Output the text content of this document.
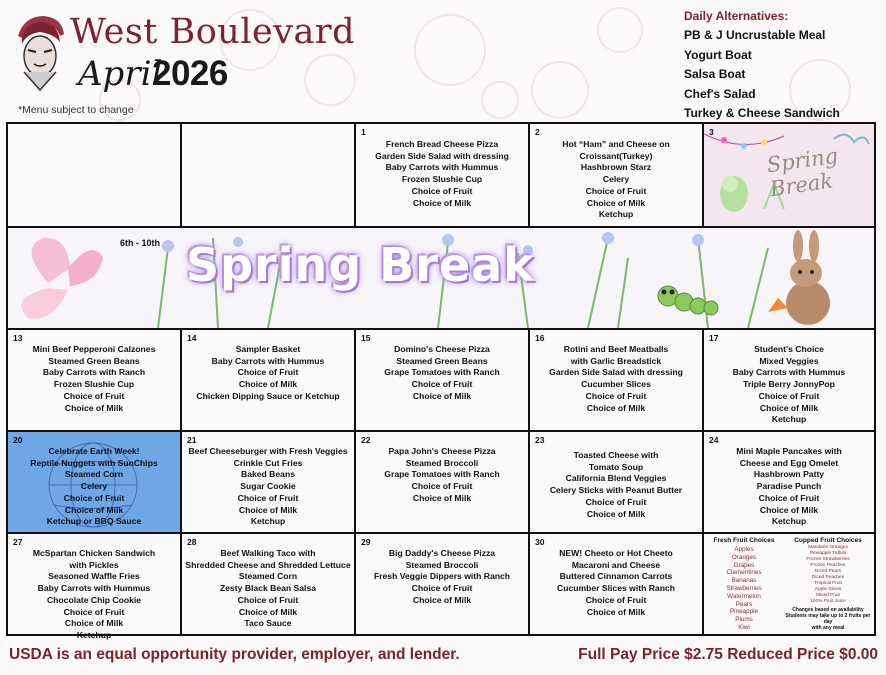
West Boulevard
April
2026
*Menu subject to change
Daily Alternatives:
PB & J Uncrustable Meal
Yogurt Boat
Salsa Boat
Chef's Salad
Turkey & Cheese Sandwich
1
French Bread Cheese Pizza
Garden Side Salad with dressing
Baby Carrots with Hummus
Frozen Slushie Cup
Choice of Fruit
Choice of Milk
2
Hot “Ham” and Cheese on
Croissant(Turkey)
Hashbrown Starz
Celery
Choice of Fruit
Choice of Milk
Ketchup
3
Spring Break
6th - 10th Spring Break
13
Mini Beef Pepperoni Calzones
Steamed Green Beans
Baby Carrots with Ranch
Frozen Slushie Cup
Choice of Fruit
Choice of Milk
14
Sampler Basket
Baby Carrots with Hummus
Choice of Fruit
Choice of Milk
Chicken Dipping Sauce or Ketchup
15
Domino's Cheese Pizza
Steamed Green Beans
Grape Tomatoes with Ranch
Choice of Fruit
Choice of Milk
16
Rotini and Beef Meatballs
with Garlic Breadstick
Garden Side Salad with dressing
Cucumber Slices
Choice of Fruit
Choice of Milk
17
Student's Choice
Mixed Veggies
Baby Carrots with Hummus
Triple Berry JonnyPop
Choice of Fruit
Choice of Milk
Ketchup
20
Celebrate Earth Week!
Reptile Nuggets with SunChips
Steamed Corn
Celery
Choice of Fruit
Choice of Milk
Ketchup or BBQ Sauce
21
Beef Cheeseburger with Fresh Veggies
Crinkle Cut Fries
Baked Beans
Sugar Cookie
Choice of Fruit
Choice of Milk
Ketchup
22
Papa John's Cheese Pizza
Steamed Broccoli
Grape Tomatoes with Ranch
Choice of Fruit
Choice of Milk
23
Toasted Cheese with
Tomato Soup
California Blend Veggies
Celery Sticks with Peanut Butter
Choice of Fruit
Choice of Milk
24
Mini Maple Pancakes with
Cheese and Egg Omelet
Hashbrown Patty
Paradise Punch
Choice of Fruit
Choice of Milk
Ketchup
27
McSpartan Chicken Sandwich
with Pickles
Seasoned Waffle Fries
Baby Carrots with Hummus
Chocolate Chip Cookie
Choice of Fruit
Choice of Milk
Ketchup
28
Beef Walking Taco with
Shredded Cheese and Shredded Lettuce
Steamed Corn
Zesty Black Bean Salsa
Choice of Fruit
Choice of Milk
Taco Sauce
29
Big Daddy's Cheese Pizza
Steamed Broccoli
Fresh Veggie Dippers with Ranch
Choice of Fruit
Choice of Milk
30
NEW! Cheeto or Hot Cheeto
Macaroni and Cheese
Buttered Cinnamon Carrots
Cucumber Slices with Ranch
Choice of Fruit
Choice of Milk
Fresh Fruit Choices
Apples
Oranges
Grapes
Clementines
Bananas
Strawberries
Watermelon
Pears
Pineapple
Plums
Kiwi
Cupped Fruit Choices
Mandarin Oranges
Pineapple Tidbits
Frozen Strawberries
Frozen Peaches
Diced Pears
Diced Peaches
Tropical Fruit
Apple Slices
Mixed Fruit
100% Fruit Juice
Changes based on availability
Students may take up to 2 fruits per day
with any meal
USDA is an equal opportunity provider, employer, and lender.	Full Pay Price $2.75 Reduced Price $0.00
